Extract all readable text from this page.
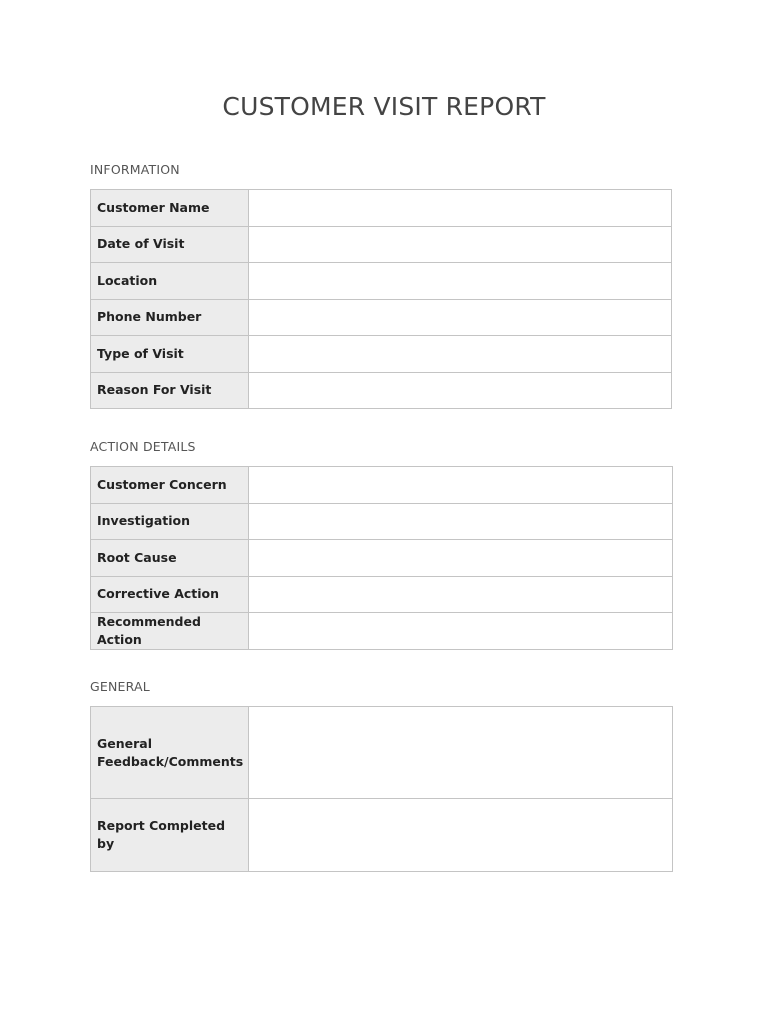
CUSTOMER VISIT REPORT
INFORMATION
Customer Name	
Date of Visit	
Location	
Phone Number	
Type of Visit	
Reason For Visit	
ACTION DETAILS
Customer Concern	
Investigation	
Root Cause	
Corrective Action	
Recommended Action	
GENERAL
General Feedback/Comments	
Report Completed by	
